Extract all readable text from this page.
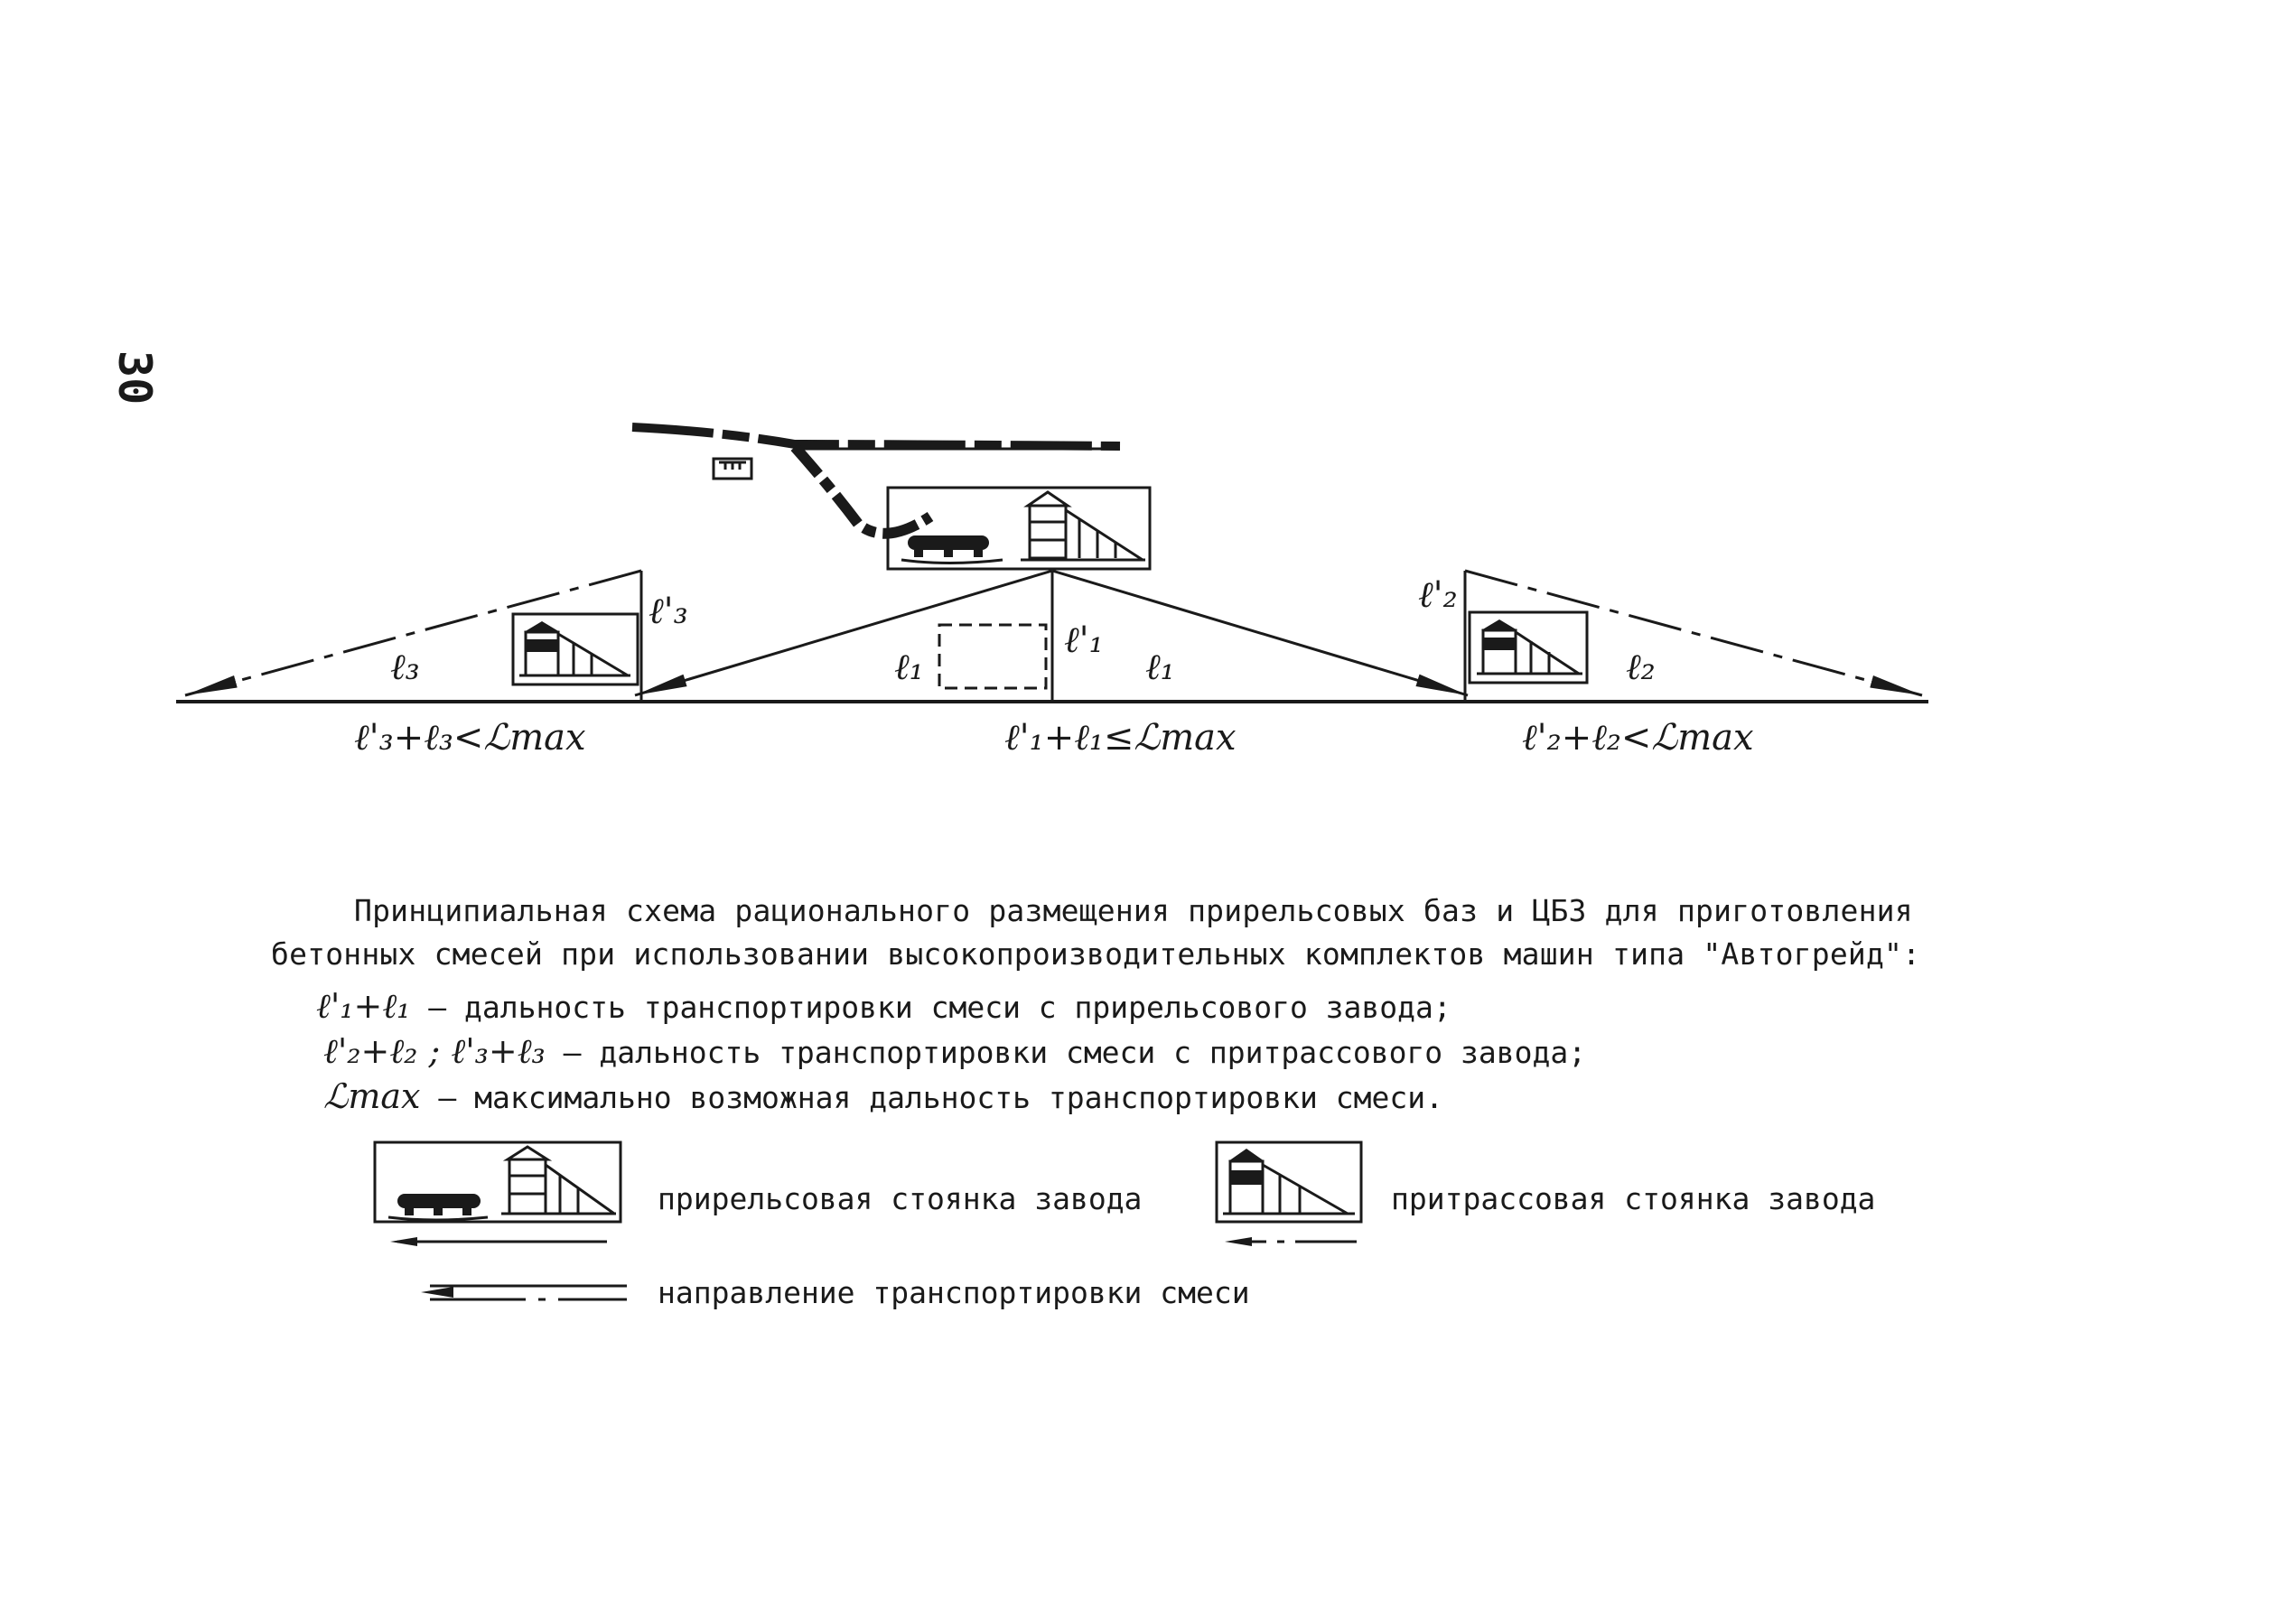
30
ℓ'₃
ℓ₃	ℓ₁
ℓ'₁
ℓ₁
ℓ'₂
ℓ₂
ℓ'₃+ℓ₃<ℒmax	ℓ'₁+ℓ₁≤ℒmax	ℓ'₂+ℓ₂<ℒmax

Принципиальная схема рационального размещения прирельсовых баз и ЦБЗ для приготовления

бетонных смесей при использовании высокопроизводительных комплектов машин типа "Автогрейд":

ℓ'₁+ℓ₁ – дальность транспортировки смеси с прирельсового завода;
ℓ'₂+ℓ₂ ; ℓ'₃+ℓ₃ – дальность транспортировки смеси с притрассового завода;
ℒmax – максимально возможная дальность транспортировки смеси.
прирельсовая стоянка завода	притрассовая стоянка завода
направление транспортировки смеси
